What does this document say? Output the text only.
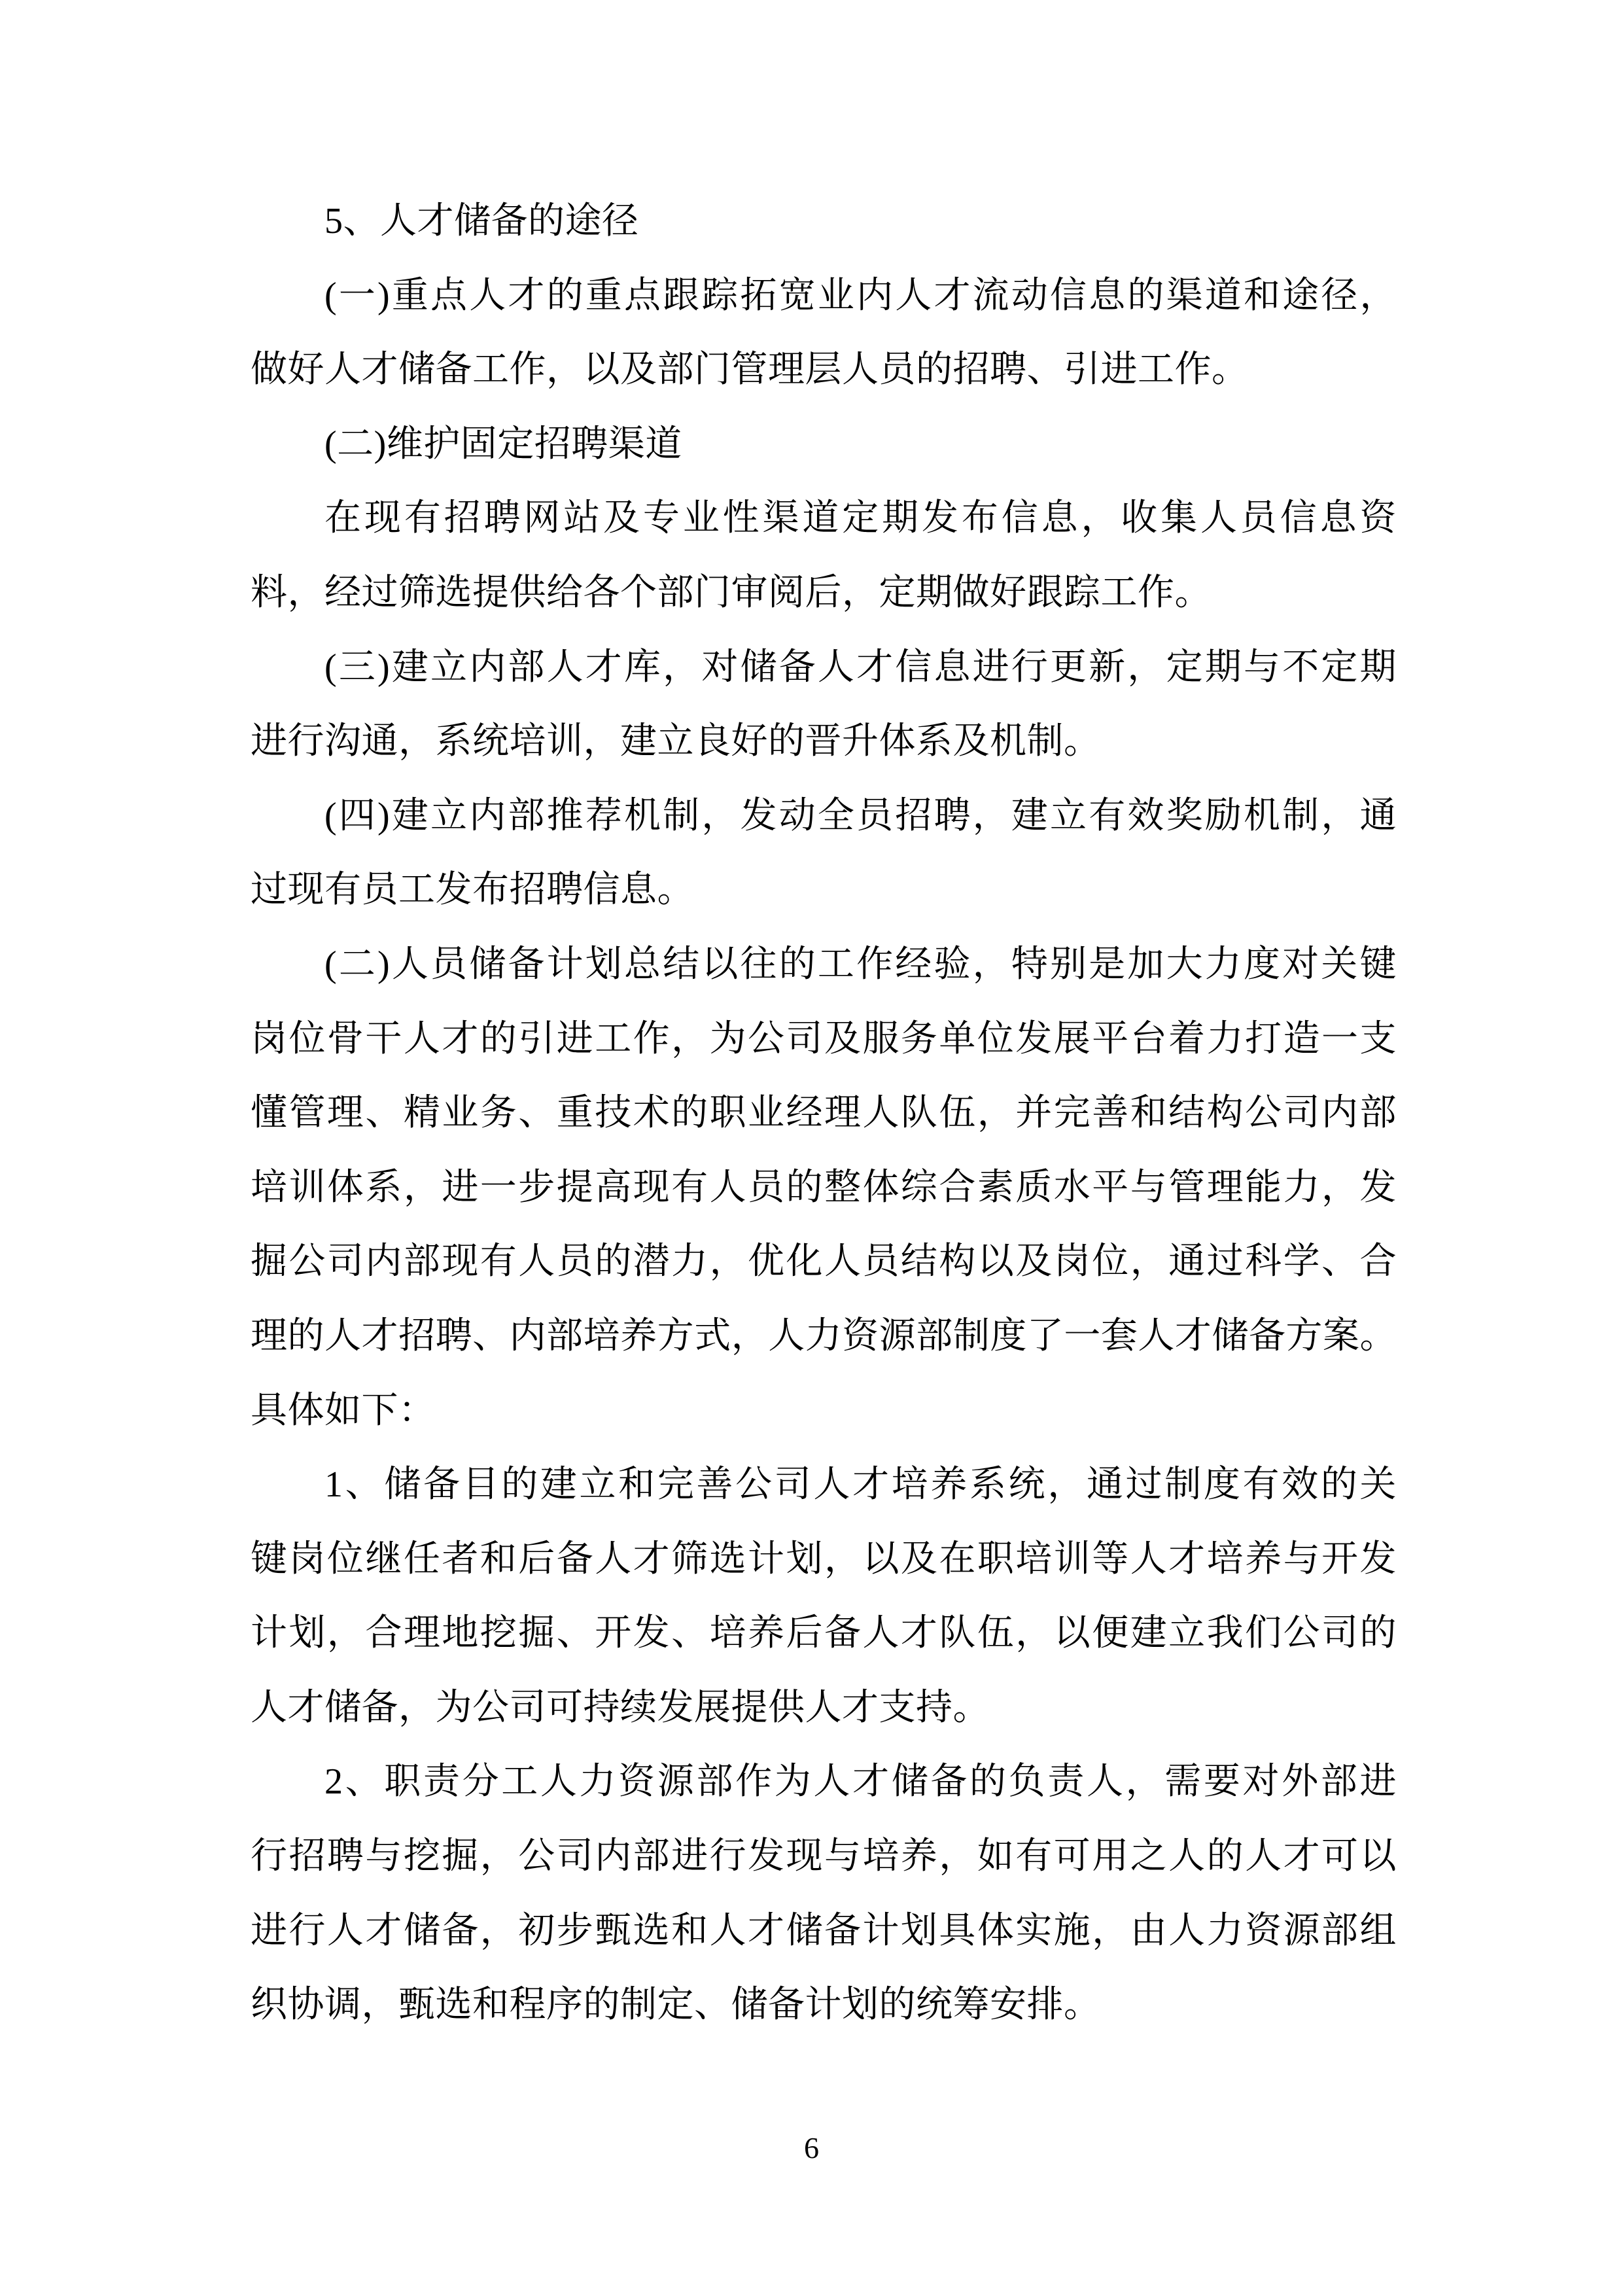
5、人才储备的途径
(一)重点人才的重点跟踪拓宽业内人才流动信息的渠道和途径，
做好人才储备工作，以及部门管理层人员的招聘、引进工作。
(二)维护固定招聘渠道
在现有招聘网站及专业性渠道定期发布信息，收集人员信息资
料，经过筛选提供给各个部门审阅后，定期做好跟踪工作。
(三)建立内部人才库，对储备人才信息进行更新，定期与不定期
进行沟通，系统培训，建立良好的晋升体系及机制。
(四)建立内部推荐机制，发动全员招聘，建立有效奖励机制，通
过现有员工发布招聘信息。
(二)人员储备计划总结以往的工作经验，特别是加大力度对关键
岗位骨干人才的引进工作，为公司及服务单位发展平台着力打造一支
懂管理、精业务、重技术的职业经理人队伍，并完善和结构公司内部
培训体系，进一步提高现有人员的整体综合素质水平与管理能力，发
掘公司内部现有人员的潜力，优化人员结构以及岗位，通过科学、合
理的人才招聘、内部培养方式，人力资源部制度了一套人才储备方案。
具体如下：
1、储备目的建立和完善公司人才培养系统，通过制度有效的关
键岗位继任者和后备人才筛选计划，以及在职培训等人才培养与开发
计划，合理地挖掘、开发、培养后备人才队伍，以便建立我们公司的
人才储备，为公司可持续发展提供人才支持。
2、职责分工人力资源部作为人才储备的负责人，需要对外部进
行招聘与挖掘，公司内部进行发现与培养，如有可用之人的人才可以
进行人才储备，初步甄选和人才储备计划具体实施，由人力资源部组
织协调，甄选和程序的制定、储备计划的统筹安排。
6
